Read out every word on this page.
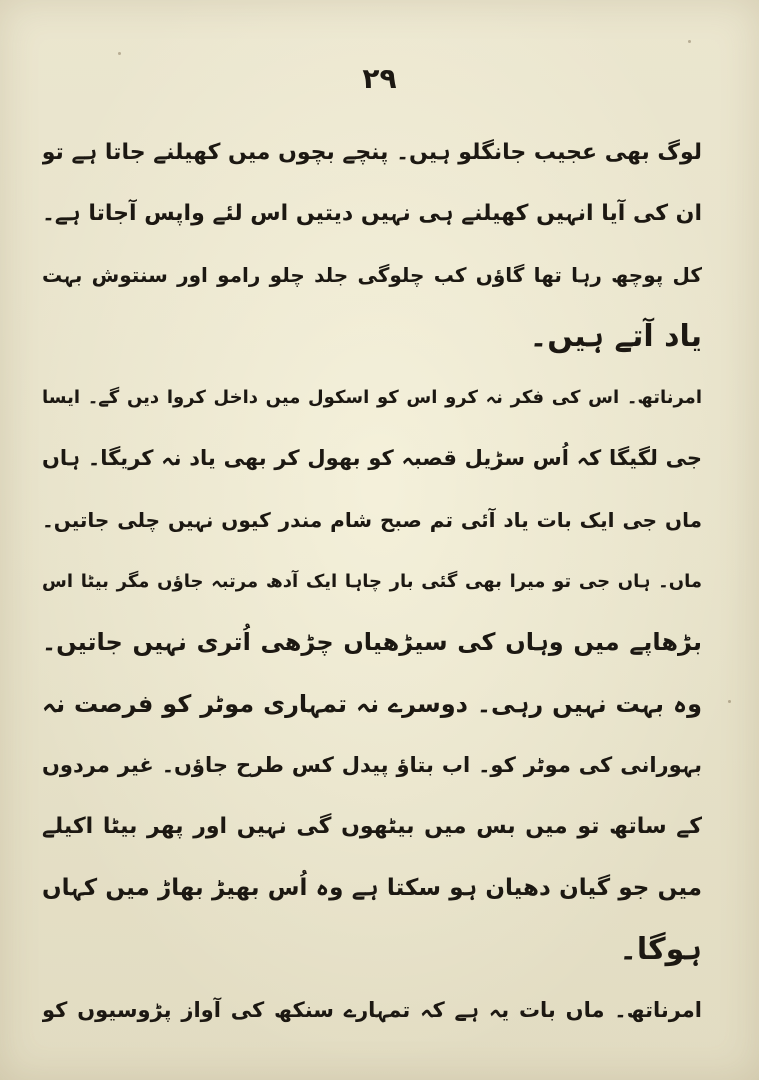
۲۹
لوگ بھی عجیب جانگلو ہیں۔ پنچے بچوں میں کھیلنے جاتا ہے تو
ان کی آیا انہیں کھیلنے ہی نہیں دیتیں اس لئے واپس آجاتا ہے۔
کل پوچھ رہا تھا گاؤں کب چلوگی جلد چلو رامو اور سنتوش بہت
یاد آتے ہیں۔
امرناتھ۔ اس کی فکر نہ کرو اس کو اسکول میں داخل کروا دیں گے۔ ایسا
جی لگیگا کہ اُس سڑیل قصبہ کو بھول کر بھی یاد نہ کریگا۔ ہاں
ماں جی ایک بات یاد آئی تم صبح شام مندر کیوں نہیں چلی جاتیں۔
ماں۔ ہاں جی تو میرا بھی گئی بار چاہا ایک آدھ مرتبہ جاؤں مگر بیٹا اس
بڑھاپے میں وہاں کی سیڑھیاں چڑھی اُتری نہیں جاتیں۔
وہ بہت نہیں رہی۔ دوسرے نہ تمہاری موٹر کو فرصت نہ
بہورانی کی موٹر کو۔ اب بتاؤ پیدل کس طرح جاؤں۔ غیر مردوں
کے ساتھ تو میں بس میں بیٹھوں گی نہیں اور پھر بیٹا اکیلے
میں جو گیان دھیان ہو سکتا ہے وہ اُس بھیڑ بھاڑ میں کہاں
ہوگا۔
امرناتھ۔ ماں بات یہ ہے کہ تمہارے سنکھ کی آواز پڑوسیوں کو
